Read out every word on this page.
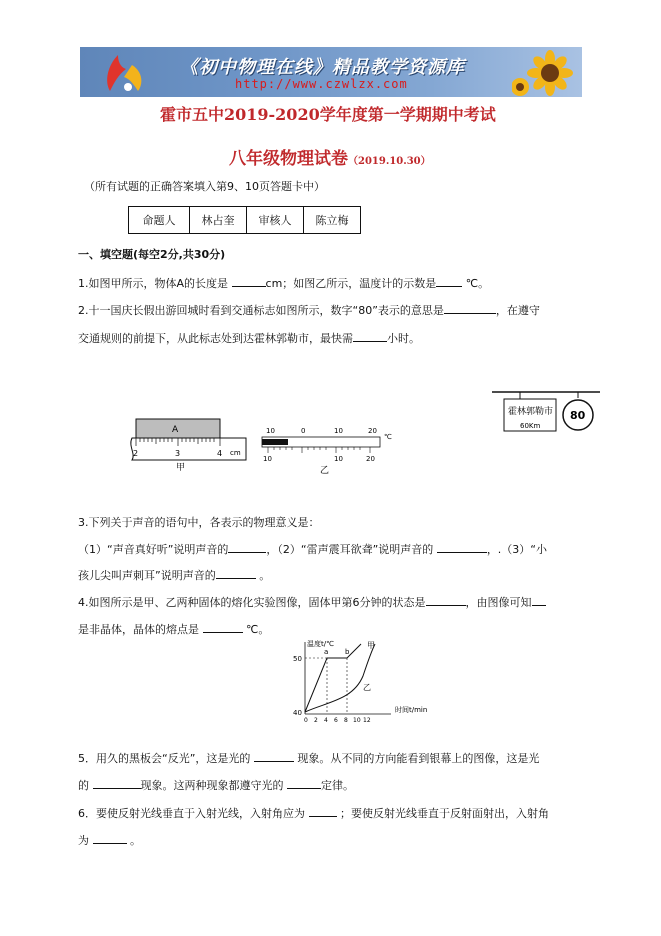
《初中物理在线》精品教学资源库
http://www.czwlzx.com
霍市五中2019-2020学年度第一学期期中考试
八年级物理试卷（2019.10.30）
（所有试题的正确答案填入第9、10页答题卡中）
命题人	林占奎	审核人	陈立梅
一、填空题(每空2分,共30分)
1.如图甲所示，物体A的长度是	cm；如图乙所示，温度计的示数是	℃。
2.十一国庆长假出游回城时看到交通标志如图所示，数字“80”表示的意思是	，在遵守
交通规则的前提下，从此标志处到达霍林郭勒市，最快需	小时。
A
2	3	4 cm
甲
10	0	10	20
℃
10	10	20
乙
霍林郭勒市
60Km
80
3.下列关于声音的语句中，各表示的物理意义是：
（1）“声音真好听”说明声音的	，（2）“雷声震耳欲聋”说明声音的	，.（3）“小
孩儿尖叫声刺耳”说明声音的	。
4.如图所示是甲、乙两种固体的熔化实验图像，固体甲第6分钟的状态是	，由图像可知
是非晶体，晶体的熔点是	℃。
温度t/℃
时间t/min
50
40
0 2 4 6 8 10 12
a b
甲
乙
5．用久的黑板会“反光”，这是光的	现象。从不同的方向能看到银幕上的图像，这是光
的	现象。这两种现象都遵守光的	定律。
6．要使反射光线垂直于入射光线，入射角应为	；要使反射光线垂直于反射面射出，入射角
为	。
